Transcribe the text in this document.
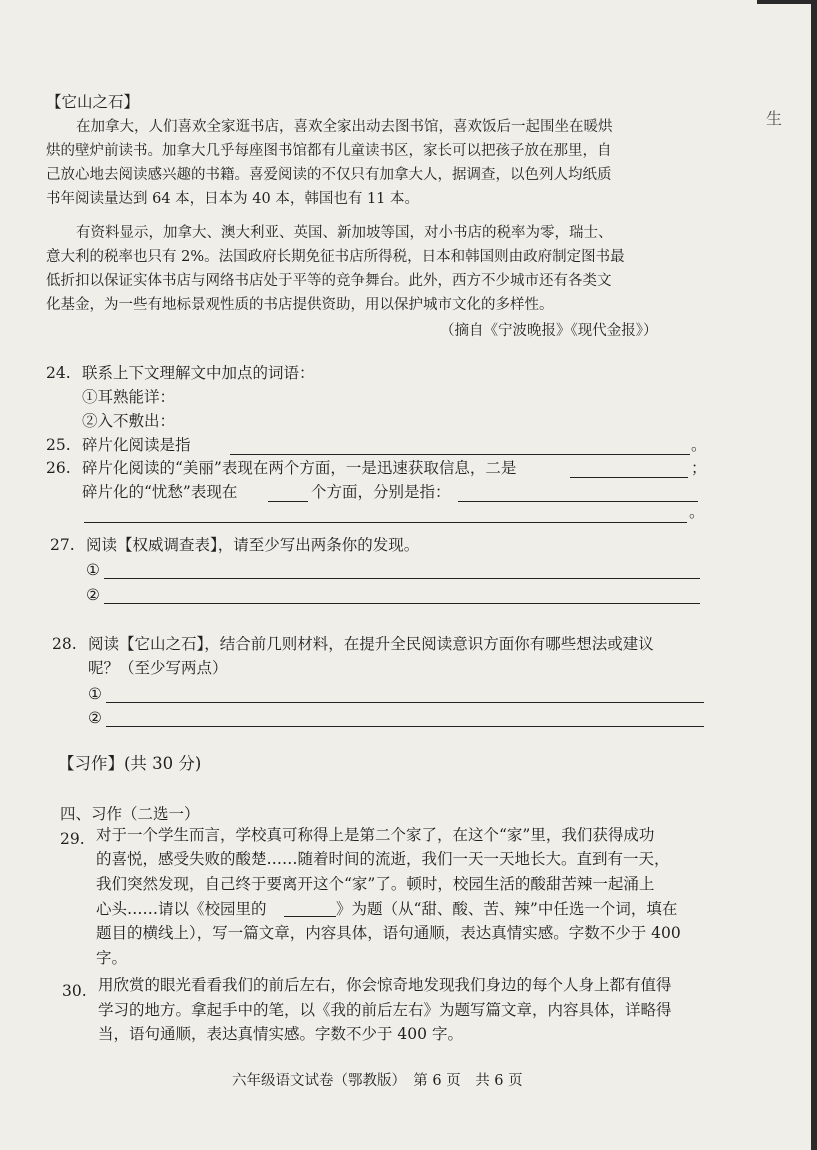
生
【它山之石】
在加拿大，人们喜欢全家逛书店，喜欢全家出动去图书馆，喜欢饭后一起围坐在暖烘
烘的壁炉前读书。加拿大几乎每座图书馆都有儿童读书区，家长可以把孩子放在那里，自
己放心地去阅读感兴趣的书籍。喜爱阅读的不仅只有加拿大人，据调查，以色列人均纸质
书年阅读量达到 64 本，日本为 40 本，韩国也有 11 本。
有资料显示，加拿大、澳大利亚、英国、新加坡等国，对小书店的税率为零，瑞士、
意大利的税率也只有 2%。法国政府长期免征书店所得税，日本和韩国则由政府制定图书最
低折扣以保证实体书店与网络书店处于平等的竞争舞台。此外，西方不少城市还有各类文
化基金，为一些有地标景观性质的书店提供资助，用以保护城市文化的多样性。
（摘自《宁波晚报》《现代金报》）
24. 联系上下文理解文中加点的词语：
①耳熟能详：
②入不敷出：
25. 碎片化阅读是指	。
26. 碎片化阅读的“美丽”表现在两个方面，一是迅速获取信息，二是	；
碎片化的“忧愁”表现在	个方面，分别是指：
。
27. 阅读【权威调查表】，请至少写出两条你的发现。
①
②
28. 阅读【它山之石】，结合前几则材料，在提升全民阅读意识方面你有哪些想法或建议
呢？（至少写两点）
①
②
【习作】(共 30 分)
四、习作（二选一）
29. 对于一个学生而言，学校真可称得上是第二个家了，在这个“家”里，我们获得成功
的喜悦，感受失败的酸楚……随着时间的流逝，我们一天一天地长大。直到有一天，
我们突然发现，自己终于要离开这个“家”了。顿时，校园生活的酸甜苦辣一起涌上
心头……请以《校园里的	》为题（从“甜、酸、苦、辣”中任选一个词，填在
题目的横线上），写一篇文章，内容具体，语句通顺，表达真情实感。字数不少于 400
字。
30. 用欣赏的眼光看看我们的前后左右，你会惊奇地发现我们身边的每个人身上都有值得
学习的地方。拿起手中的笔，以《我的前后左右》为题写篇文章，内容具体，详略得
当，语句通顺，表达真情实感。字数不少于 400 字。
六年级语文试卷（鄂教版）　第 6 页　共 6 页
